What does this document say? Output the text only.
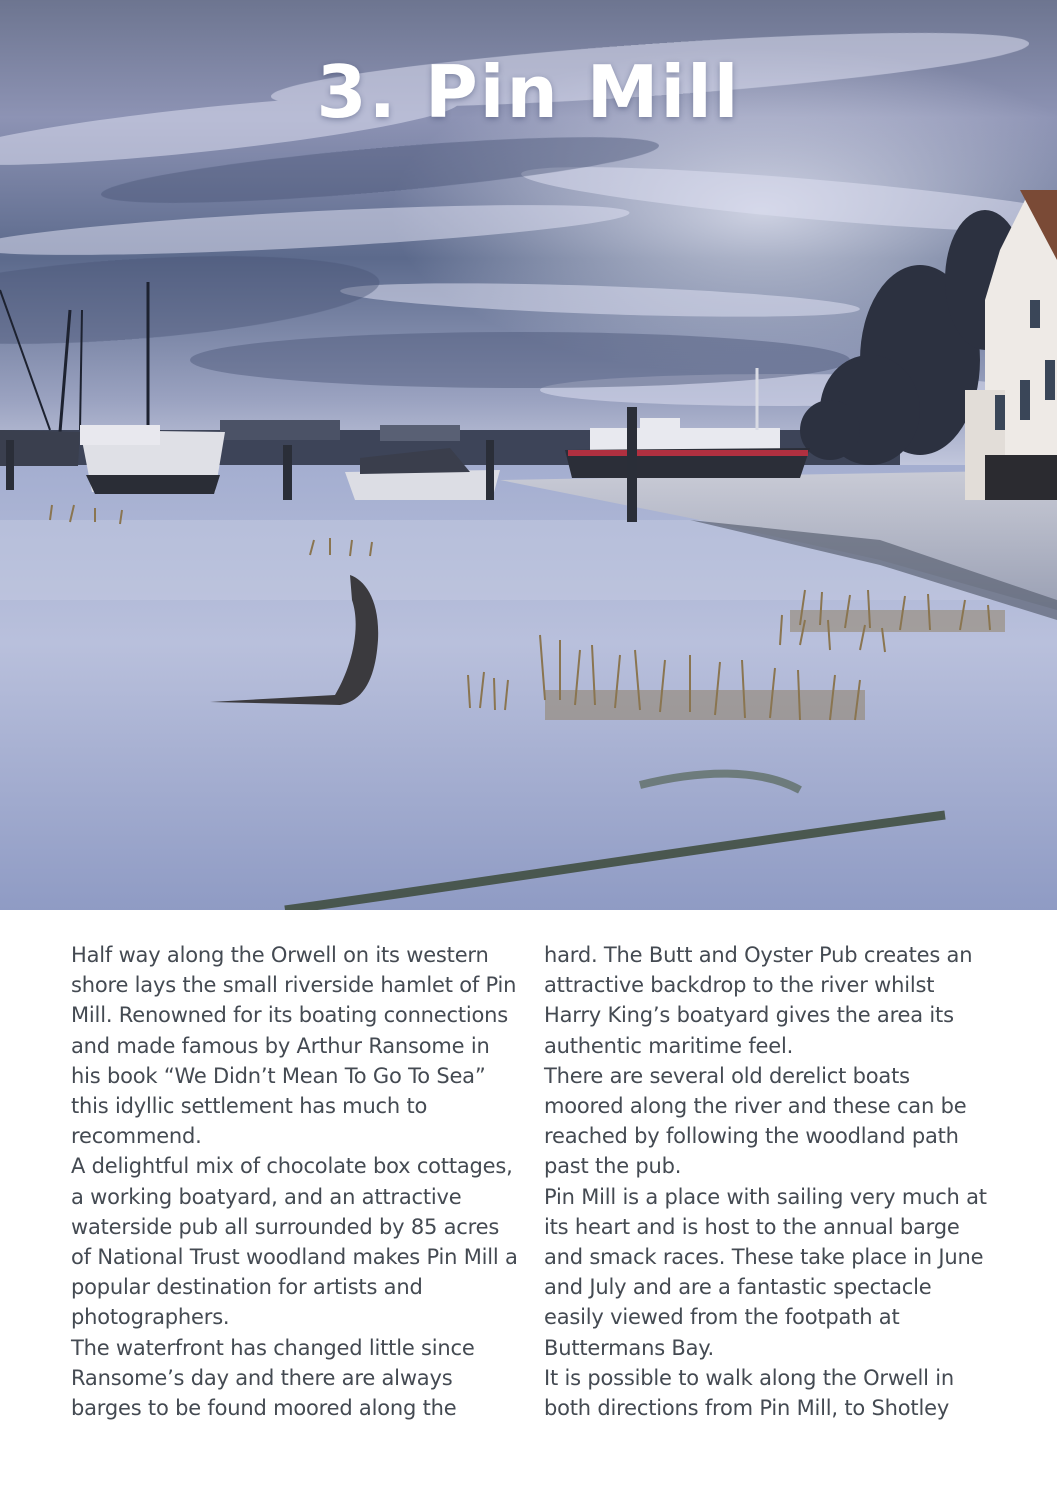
3. Pin Mill

Half way along the Orwell on its western shore lays the small riverside hamlet of Pin Mill. Renowned for its boating connections and made famous by Arthur Ransome in his book “We Didn’t Mean To Go To Sea” this idyllic settlement has much to recommend.

A delightful mix of chocolate box cottages, a working boatyard, and an attractive waterside pub all surrounded by 85 acres of National Trust woodland makes Pin Mill a popular destination for artists and photographers.

The waterfront has changed little since Ransome’s day and there are always barges to be found moored along the

hard. The Butt and Oyster Pub creates an attractive backdrop to the river whilst Harry King’s boatyard gives the area its authentic maritime feel.

There are several old derelict boats moored along the river and these can be reached by following the woodland path past the pub.

Pin Mill is a place with sailing very much at its heart and is host to the annual barge and smack races. These take place in June and July and are a fantastic spectacle easily viewed from the footpath at Buttermans Bay.

It is possible to walk along the Orwell in both directions from Pin Mill, to Shotley
